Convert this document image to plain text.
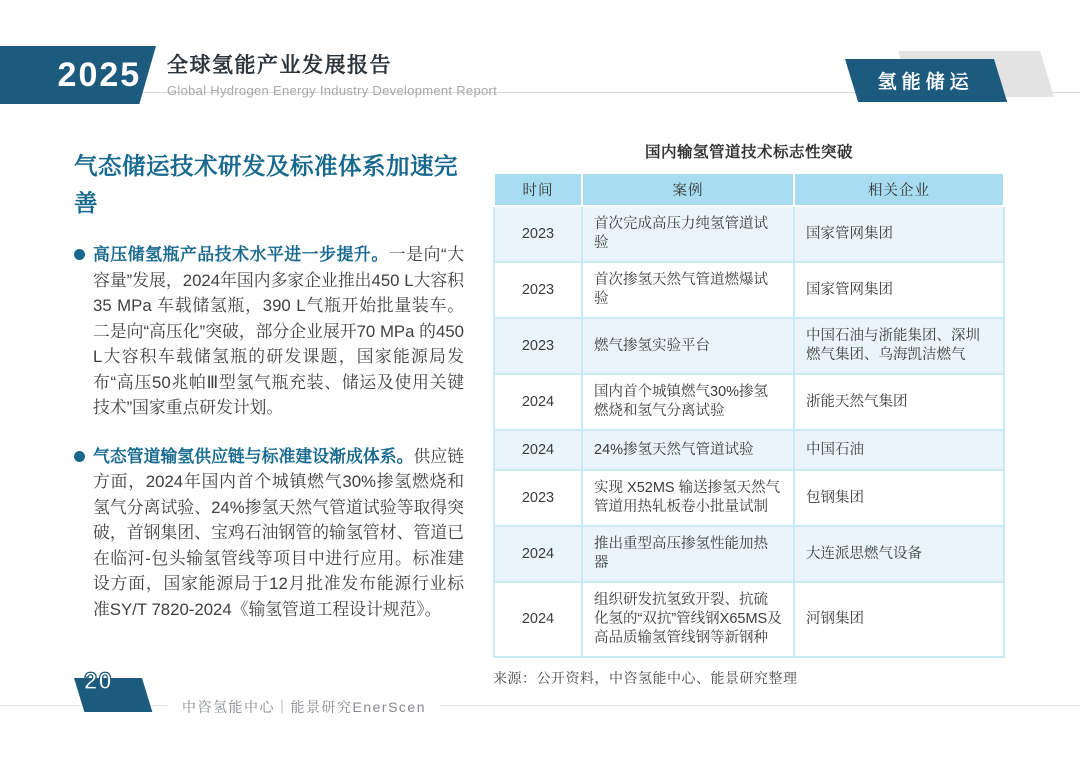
2025 全球氢能产业发展报告
Global Hydrogen Energy Industry Development Report	氢能储运
气态储运技术研发及标准体系加速完善
高压储氢瓶产品技术水平进一步提升。一是向“大容量”发展，2024年国内多家企业推出450 L大容积35 MPa 车载储氢瓶，390 L气瓶开始批量装车。二是向“高压化”突破，部分企业展开70 MPa 的450 L大容积车载储氢瓶的研发课题，国家能源局发布“高压50兆帕Ⅲ型氢气瓶充装、储运及使用关键技术”国家重点研发计划。
气态管道输氢供应链与标准建设渐成体系。供应链方面，2024年国内首个城镇燃气30%掺氢燃烧和氢气分离试验、24%掺氢天然气管道试验等取得突破，首钢集团、宝鸡石油钢管的输氢管材、管道已在临河-包头输氢管线等项目中进行应用。标准建设方面，国家能源局于12月批准发布能源行业标准SY/T 7820-2024《输氢管道工程设计规范》。
国内输氢管道技术标志性突破
时间	案例	相关企业
2023	首次完成高压力纯氢管道试验	国家管网集团
2023	首次掺氢天然气管道燃爆试验	国家管网集团
2023	燃气掺氢实验平台	中国石油与浙能集团、深圳燃气集团、乌海凯洁燃气
2024	国内首个城镇燃气30%掺氢燃烧和氢气分离试验	浙能天然气集团
2024	24%掺氢天然气管道试验	中国石油
2023	实现 X52MS 输送掺氢天然气管道用热轧板卷小批量试制	包钢集团
2024	推出重型高压掺氢性能加热器	大连派思燃气设备
2024	组织研发抗氢致开裂、抗硫化氢的“双抗”管线钢X65MS及高品质输氢管线钢等新钢种	河钢集团
来源：公开资料，中咨氢能中心、能景研究整理
20
中咨氢能中心｜能景研究EnerScen
